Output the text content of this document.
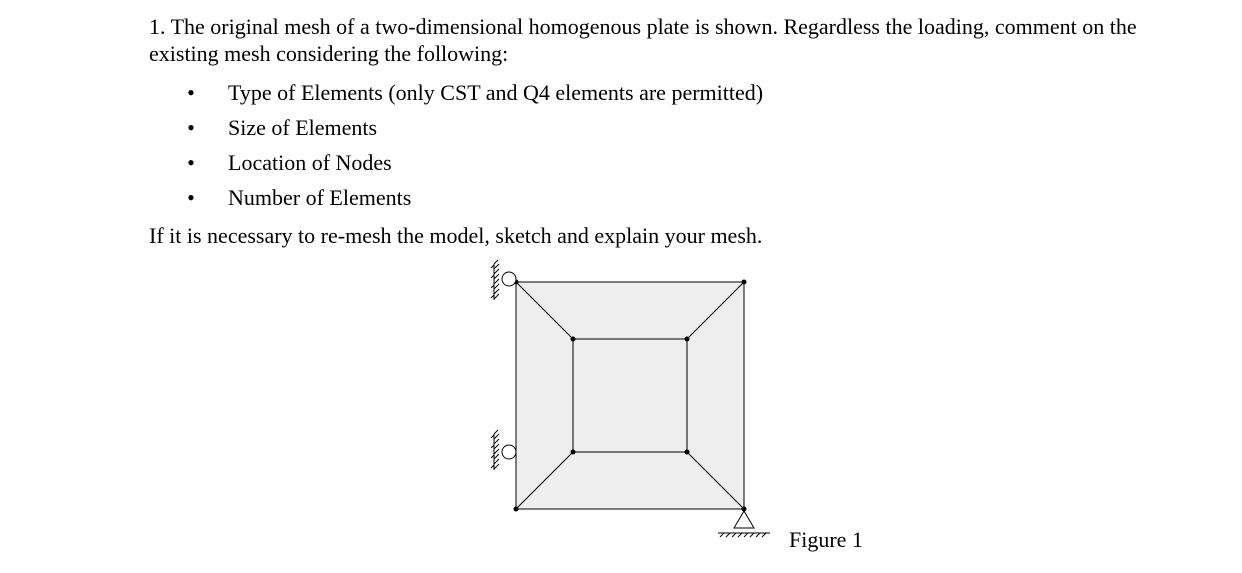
1. The original mesh of a two-dimensional homogenous plate is shown. Regardless the loading, comment on the existing mesh considering the following:

• Type of Elements (only CST and Q4 elements are permitted)
• Size of Elements
• Location of Nodes
• Number of Elements

If it is necessary to re-mesh the model, sketch and explain your mesh.

Figure 1
